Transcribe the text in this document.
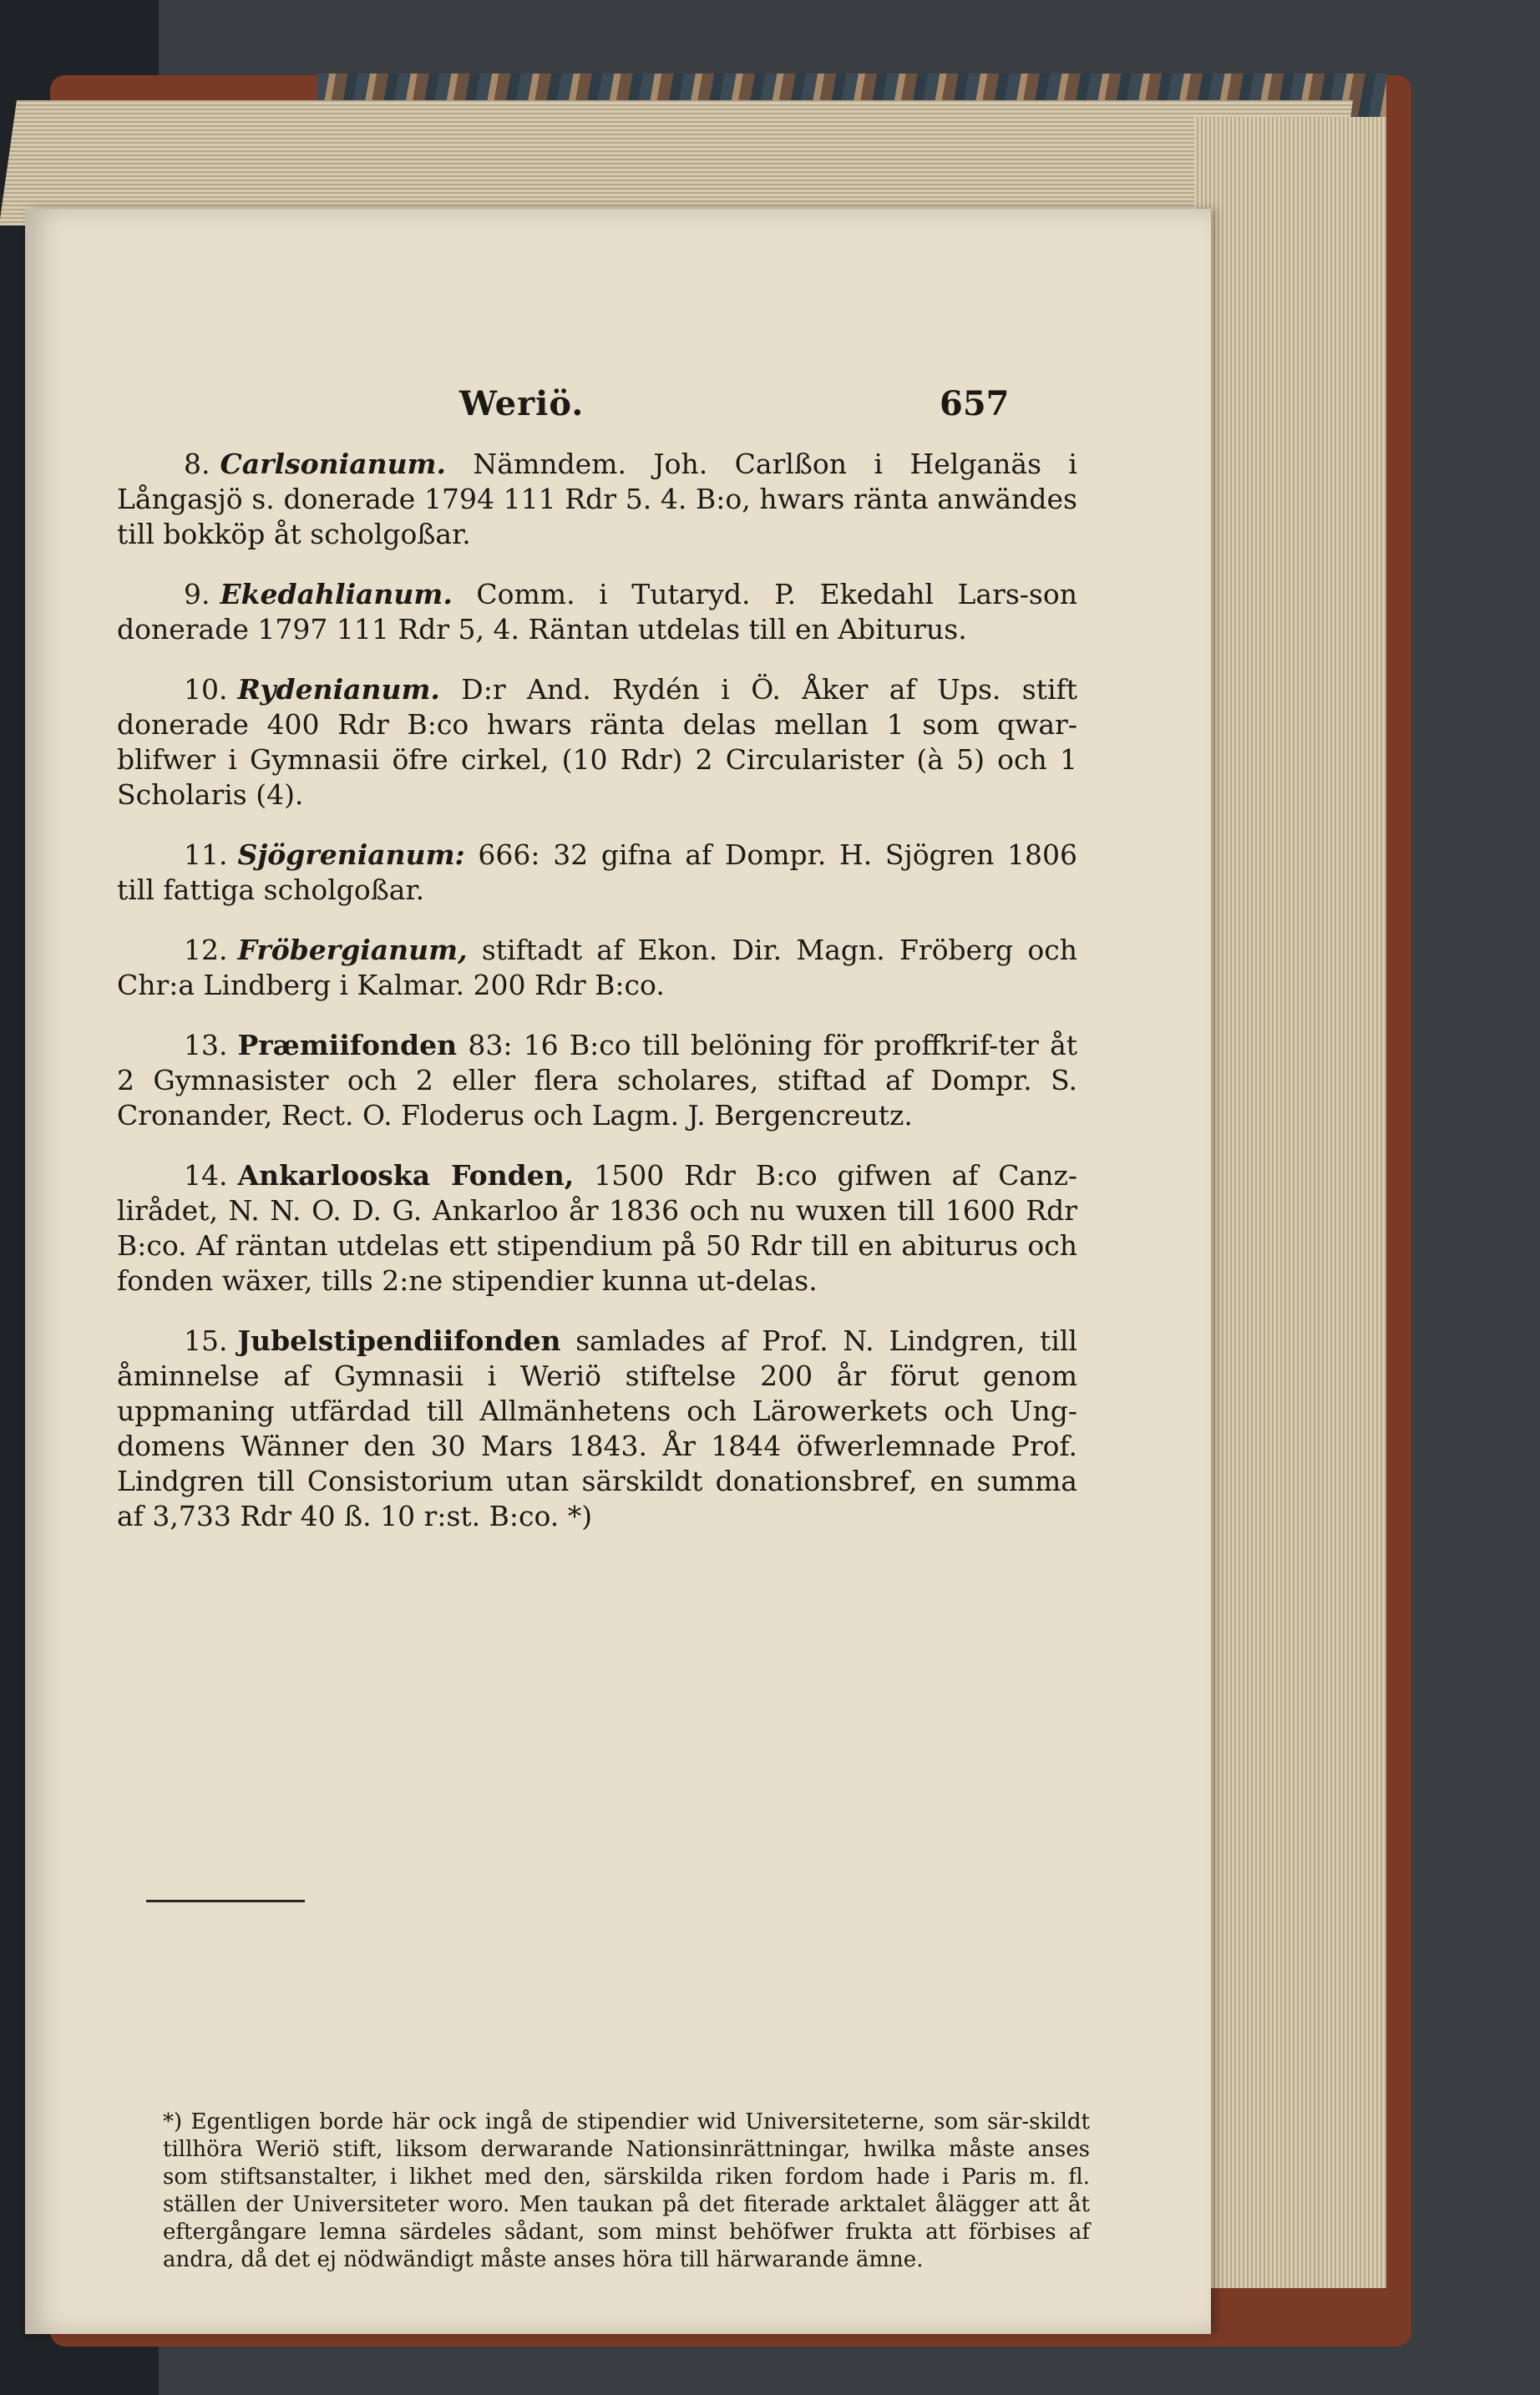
Weriö.	657

8. Carlsonianum. Nämndem. Joh. Carlßon i Helganäs i Långasjö s. donerade 1794 111 Rdr 5. 4. B:o, hwars ränta anwändes till bokköp åt scholgoßar.

9. Ekedahlianum. Comm. i Tutaryd. P. Ekedahl Lars-son donerade 1797 111 Rdr 5, 4. Räntan utdelas till en Abiturus.

10. Rydenianum. D:r And. Rydén i Ö. Åker af Ups. stift donerade 400 Rdr B:co hwars ränta delas mellan 1 som qwar-blifwer i Gymnasii öfre cirkel, (10 Rdr) 2 Circularister (à 5) och 1 Scholaris (4).

11. Sjögrenianum: 666: 32 gifna af Dompr. H. Sjögren 1806 till fattiga scholgoßar.

12. Fröbergianum, stiftadt af Ekon. Dir. Magn. Fröberg och Chr:a Lindberg i Kalmar. 200 Rdr B:co.

13. Præmiifonden 83: 16 B:co till belöning för proffkrif-ter åt 2 Gymnasister och 2 eller flera scholares, stiftad af Dompr. S. Cronander, Rect. O. Floderus och Lagm. J. Bergencreutz.

14. Ankarlooska Fonden, 1500 Rdr B:co gifwen af Canz-lirådet, N. N. O. D. G. Ankarloo år 1836 och nu wuxen till 1600 Rdr B:co. Af räntan utdelas ett stipendium på 50 Rdr till en abiturus och fonden wäxer, tills 2:ne stipendier kunna ut-delas.

15. Jubelstipendiifonden samlades af Prof. N. Lindgren, till åminnelse af Gymnasii i Weriö stiftelse 200 år förut genom uppmaning utfärdad till Allmänhetens och Lärowerkets och Ung-domens Wänner den 30 Mars 1843. År 1844 öfwerlemnade Prof. Lindgren till Consistorium utan särskildt donationsbref, en summa af 3,733 Rdr 40 ß. 10 r:st. B:co. *)

*) Egentligen borde här ock ingå de stipendier wid Universiteterne, som sär-skildt tillhöra Weriö stift, liksom derwarande Nationsinrättningar, hwilka måste anses som stiftsanstalter, i likhet med den, särskilda riken fordom hade i Paris m. fl. ställen der Universiteter woro. Men taukan på det fiterade arktalet ålägger att åt eftergångare lemna särdeles sådant, som minst behöfwer frukta att förbises af andra, då det ej nödwändigt måste anses höra till härwarande ämne.
